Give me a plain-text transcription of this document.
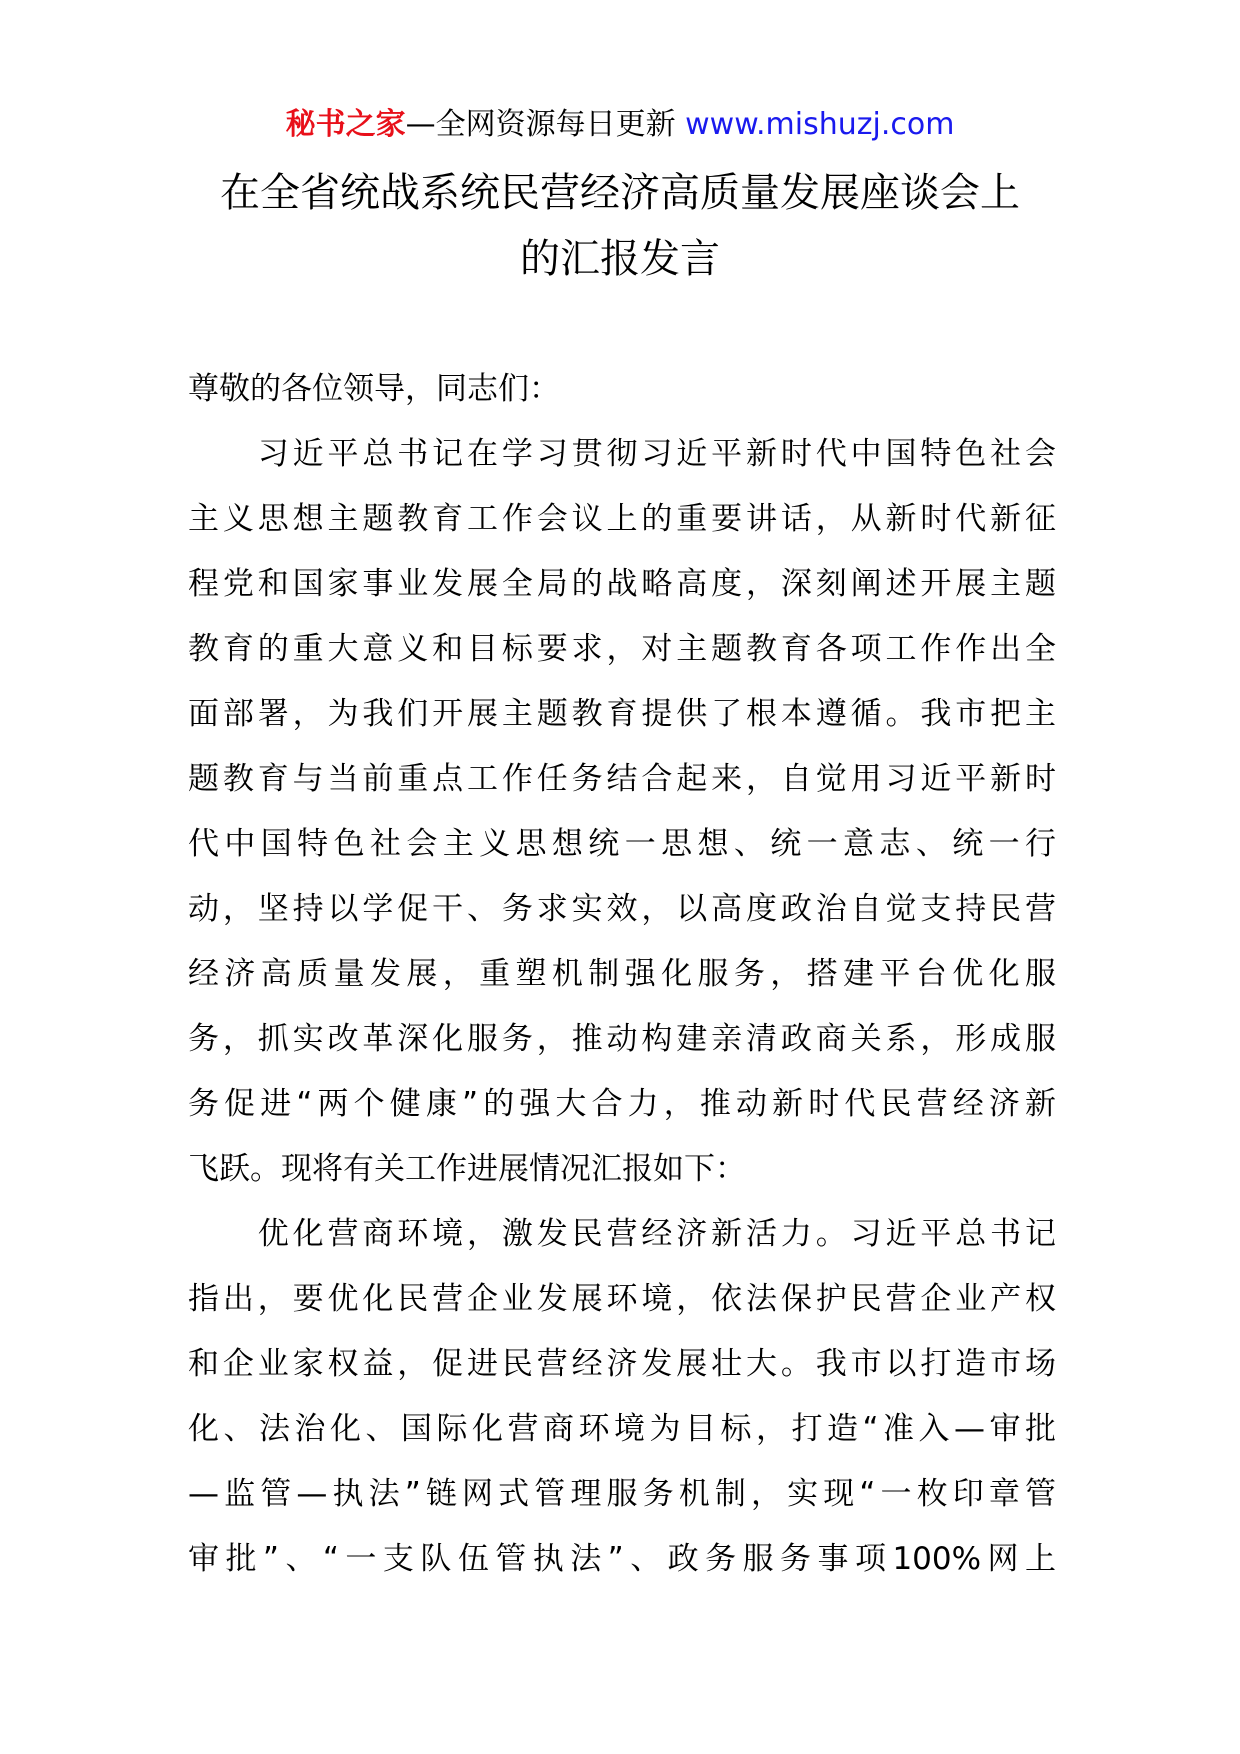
秘书之家—全网资源每日更新 www.mishuzj.com
在全省统战系统民营经济高质量发展座谈会上
的汇报发言
尊敬的各位领导，同志们：
　　习近平总书记在学习贯彻习近平新时代中国特色社会
主义思想主题教育工作会议上的重要讲话，从新时代新征
程党和国家事业发展全局的战略高度，深刻阐述开展主题
教育的重大意义和目标要求，对主题教育各项工作作出全
面部署，为我们开展主题教育提供了根本遵循。我市把主
题教育与当前重点工作任务结合起来，自觉用习近平新时
代中国特色社会主义思想统一思想、统一意志、统一行
动，坚持以学促干、务求实效，以高度政治自觉支持民营
经济高质量发展，重塑机制强化服务，搭建平台优化服
务，抓实改革深化服务，推动构建亲清政商关系，形成服
务促进“两个健康”的强大合力，推动新时代民营经济新
飞跃。现将有关工作进展情况汇报如下：
　　优化营商环境，激发民营经济新活力。习近平总书记
指出，要优化民营企业发展环境，依法保护民营企业产权
和企业家权益，促进民营经济发展壮大。我市以打造市场
化、法治化、国际化营商环境为目标，打造“准入—审批
—监管—执法”链网式管理服务机制，实现“一枚印章管
审批”、“一支队伍管执法”、政务服务事项100%网上
